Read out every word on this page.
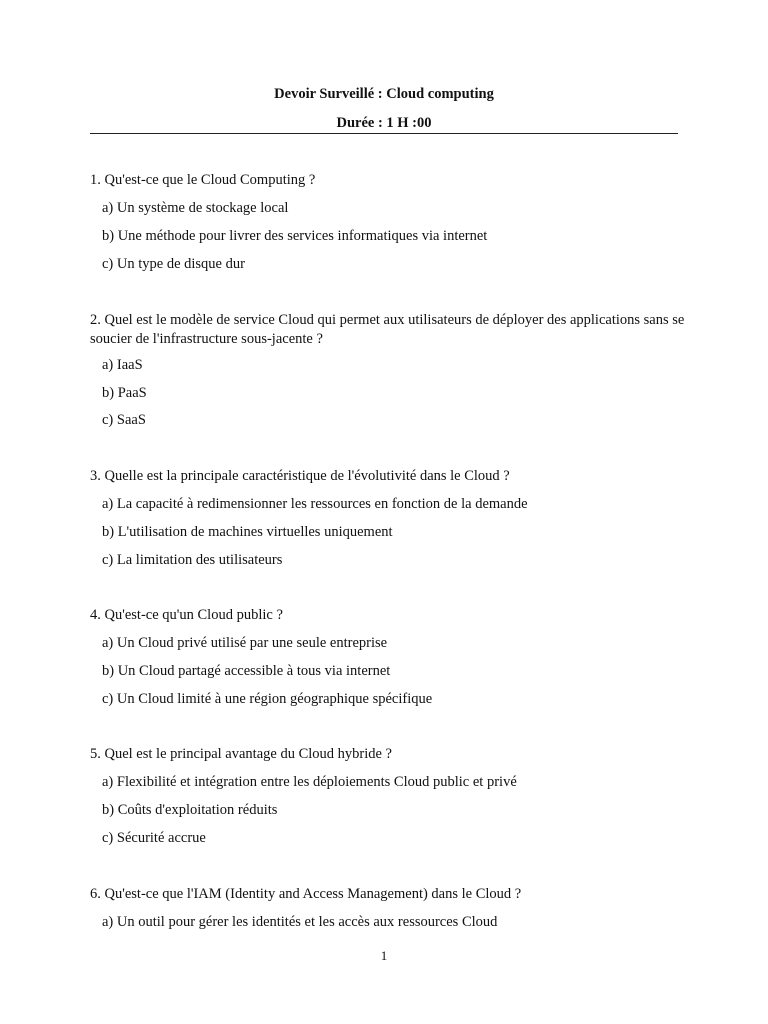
Devoir Surveillé : Cloud computing
Durée : 1 H :00
1. Qu'est-ce que le Cloud Computing ?
a) Un système de stockage local
b) Une méthode pour livrer des services informatiques via internet
c) Un type de disque dur
2. Quel est le modèle de service Cloud qui permet aux utilisateurs de déployer des applications sans se soucier de l'infrastructure sous-jacente ?
a) IaaS
b) PaaS
c) SaaS
3. Quelle est la principale caractéristique de l'évolutivité dans le Cloud ?
a) La capacité à redimensionner les ressources en fonction de la demande
b) L'utilisation de machines virtuelles uniquement
c) La limitation des utilisateurs
4. Qu'est-ce qu'un Cloud public ?
a) Un Cloud privé utilisé par une seule entreprise
b) Un Cloud partagé accessible à tous via internet
c) Un Cloud limité à une région géographique spécifique
5. Quel est le principal avantage du Cloud hybride ?
a) Flexibilité et intégration entre les déploiements Cloud public et privé
b) Coûts d'exploitation réduits
c) Sécurité accrue
6. Qu'est-ce que l'IAM (Identity and Access Management) dans le Cloud ?
a) Un outil pour gérer les identités et les accès aux ressources Cloud
1
